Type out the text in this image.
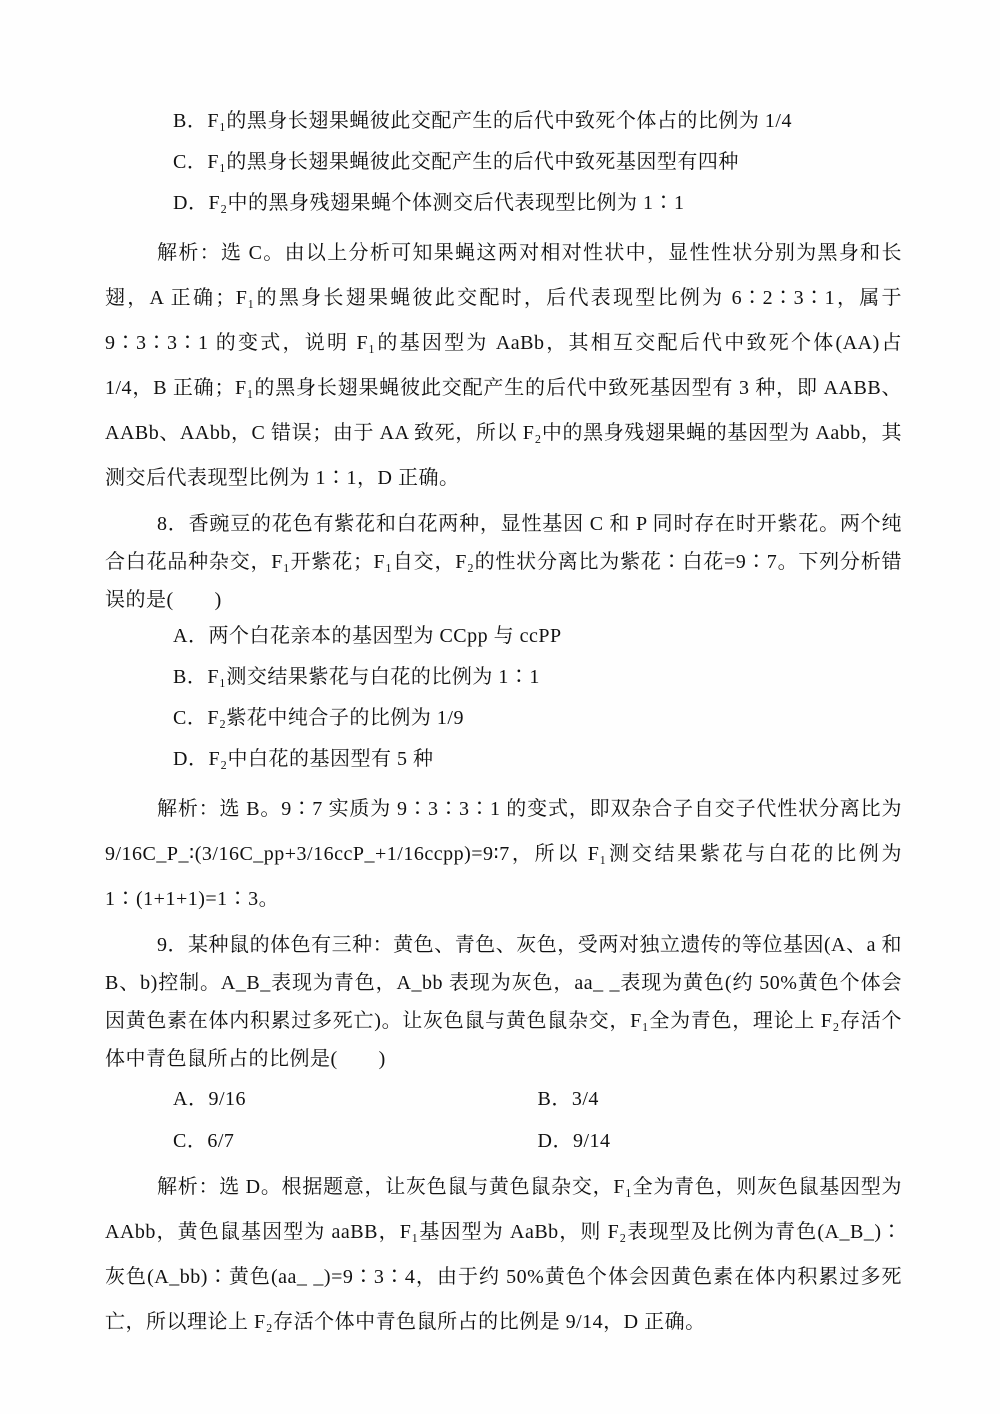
B．F₁的黑身长翅果蝇彼此交配产生的后代中致死个体占的比例为 1/4
C．F₁的黑身长翅果蝇彼此交配产生的后代中致死基因型有四种
D．F₂中的黑身残翅果蝇个体测交后代表现型比例为 1∶1

解析：选 C。由以上分析可知果蝇这两对相对性状中，显性性状分别为黑身和长翅，A 正确；F₁的黑身长翅果蝇彼此交配时，后代表现型比例为 6∶2∶3∶1，属于 9∶3∶3∶1 的变式，说明 F₁的基因型为 AaBb，其相互交配后代中致死个体(AA)占 1/4，B 正确；F₁的黑身长翅果蝇彼此交配产生的后代中致死基因型有 3 种，即 AABB、AABb、AAbb，C 错误；由于 AA 致死，所以 F₂中的黑身残翅果蝇的基因型为 Aabb，其测交后代表现型比例为 1∶1，D 正确。

8．香豌豆的花色有紫花和白花两种，显性基因 C 和 P 同时存在时开紫花。两个纯合白花品种杂交，F₁开紫花；F₁自交，F₂的性状分离比为紫花∶白花=9∶7。下列分析错误的是(　　)

A．两个白花亲本的基因型为 CCpp 与 ccPP
B．F₁测交结果紫花与白花的比例为 1∶1
C．F₂紫花中纯合子的比例为 1/9
D．F₂中白花的基因型有 5 种

解析：选 B。9∶7 实质为 9∶3∶3∶1 的变式，即双杂合子自交子代性状分离比为 9/16C_P_∶(3/16C_pp+3/16ccP_+1/16ccpp)=9∶7，所以 F₁测交结果紫花与白花的比例为 1∶(1+1+1)=1∶3。

9．某种鼠的体色有三种：黄色、青色、灰色，受两对独立遗传的等位基因(A、a 和 B、b)控制。A_B_表现为青色，A_bb 表现为灰色，aa_ _表现为黄色(约 50%黄色个体会因黄色素在体内积累过多死亡)。让灰色鼠与黄色鼠杂交，F₁全为青色，理论上 F₂存活个体中青色鼠所占的比例是(　　)

A．9/16	B．3/4
C．6/7	D．9/14

解析：选 D。根据题意，让灰色鼠与黄色鼠杂交，F₁全为青色，则灰色鼠基因型为 AAbb，黄色鼠基因型为 aaBB，F₁基因型为 AaBb，则 F₂表现型及比例为青色(A_B_)∶灰色(A_bb)∶黄色(aa_ _)=9∶3∶4，由于约 50%黄色个体会因黄色素在体内积累过多死亡，所以理论上 F₂存活个体中青色鼠所占的比例是 9/14，D 正确。
